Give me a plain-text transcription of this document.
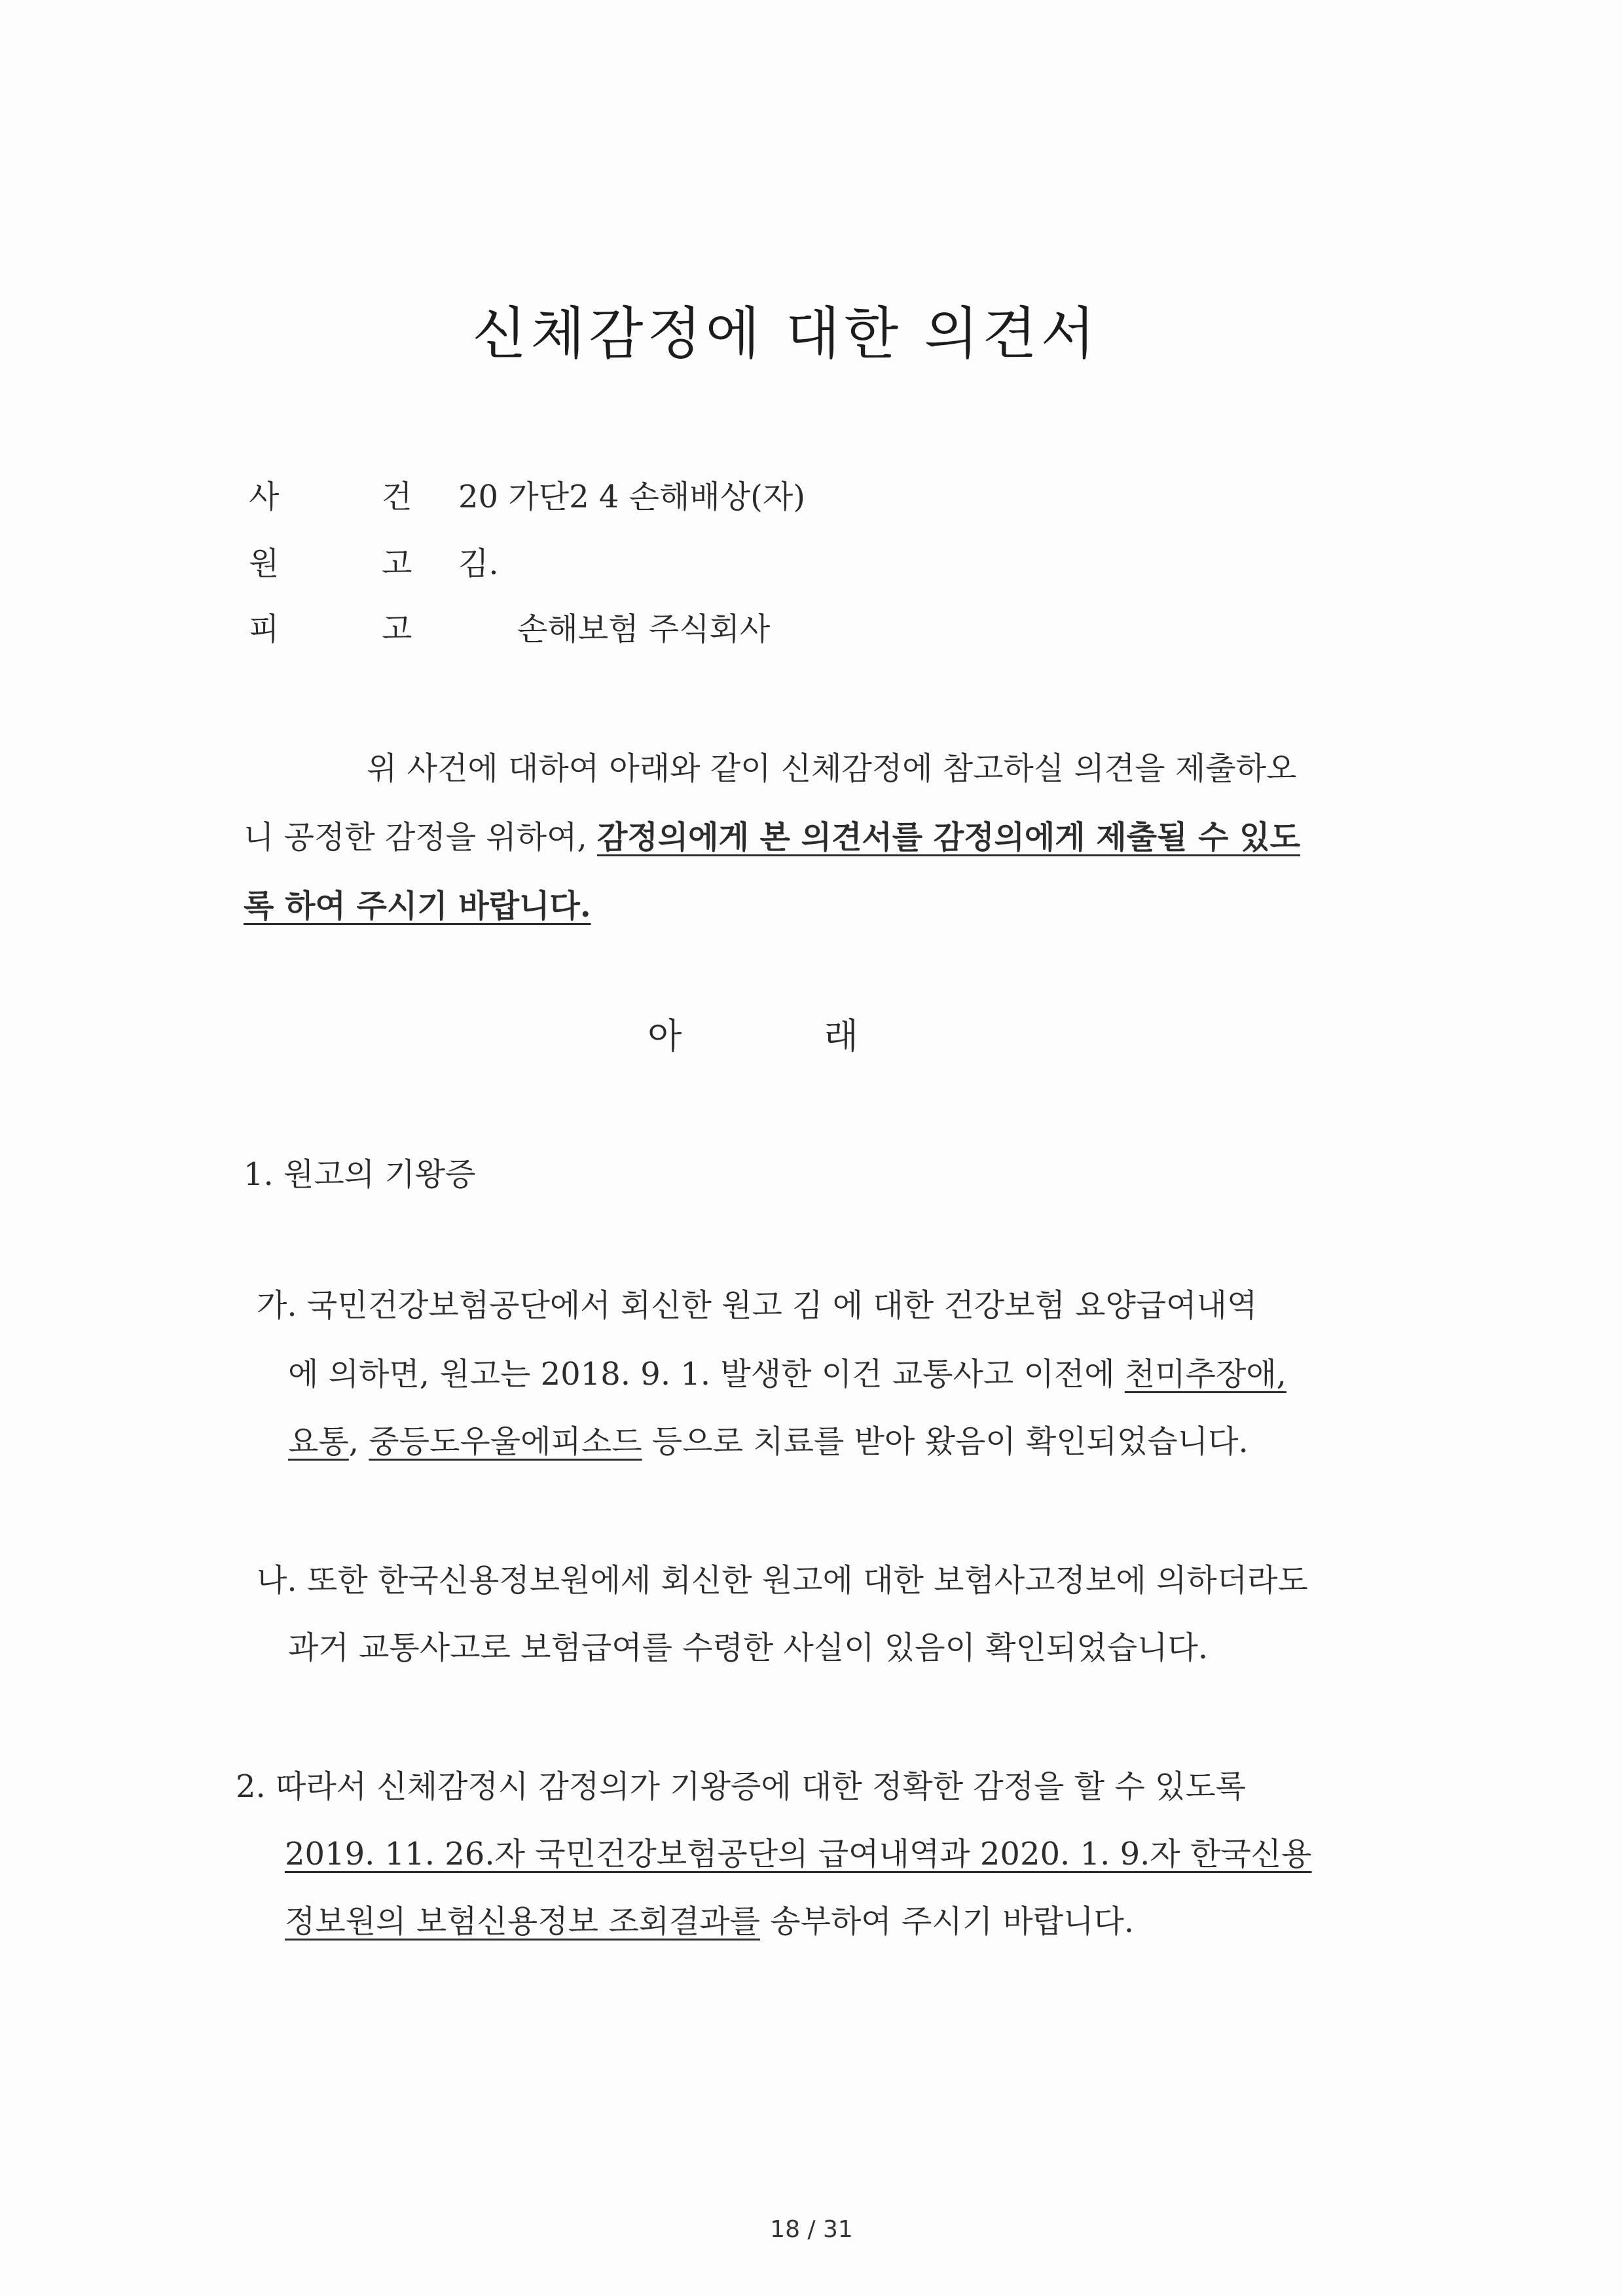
신체감정에 대한 의견서
사	건 20 가단2 4 손해배상(자)
원	고 김.
피	고	손해보험 주식회사
위 사건에 대하여 아래와 같이 신체감정에 참고하실 의견을 제출하오
니 공정한 감정을 위하여, 감정의에게 본 의견서를 감정의에게 제출될 수 있도
록 하여 주시기 바랍니다.
아 래
1. 원고의 기왕증
가. 국민건강보험공단에서 회신한 원고 김 에 대한 건강보험 요양급여내역
에 의하면, 원고는 2018. 9. 1. 발생한 이건 교통사고 이전에 천미추장애,
요통, 중등도우울에피소드 등으로 치료를 받아 왔음이 확인되었습니다.
나. 또한 한국신용정보원에세 회신한 원고에 대한 보험사고정보에 의하더라도
과거 교통사고로 보험급여를 수령한 사실이 있음이 확인되었습니다.
2. 따라서 신체감정시 감정의가 기왕증에 대한 정확한 감정을 할 수 있도록
2019. 11. 26.자 국민건강보험공단의 급여내역과 2020. 1. 9.자 한국신용
정보원의 보험신용정보 조회결과를 송부하여 주시기 바랍니다.
18 / 31
